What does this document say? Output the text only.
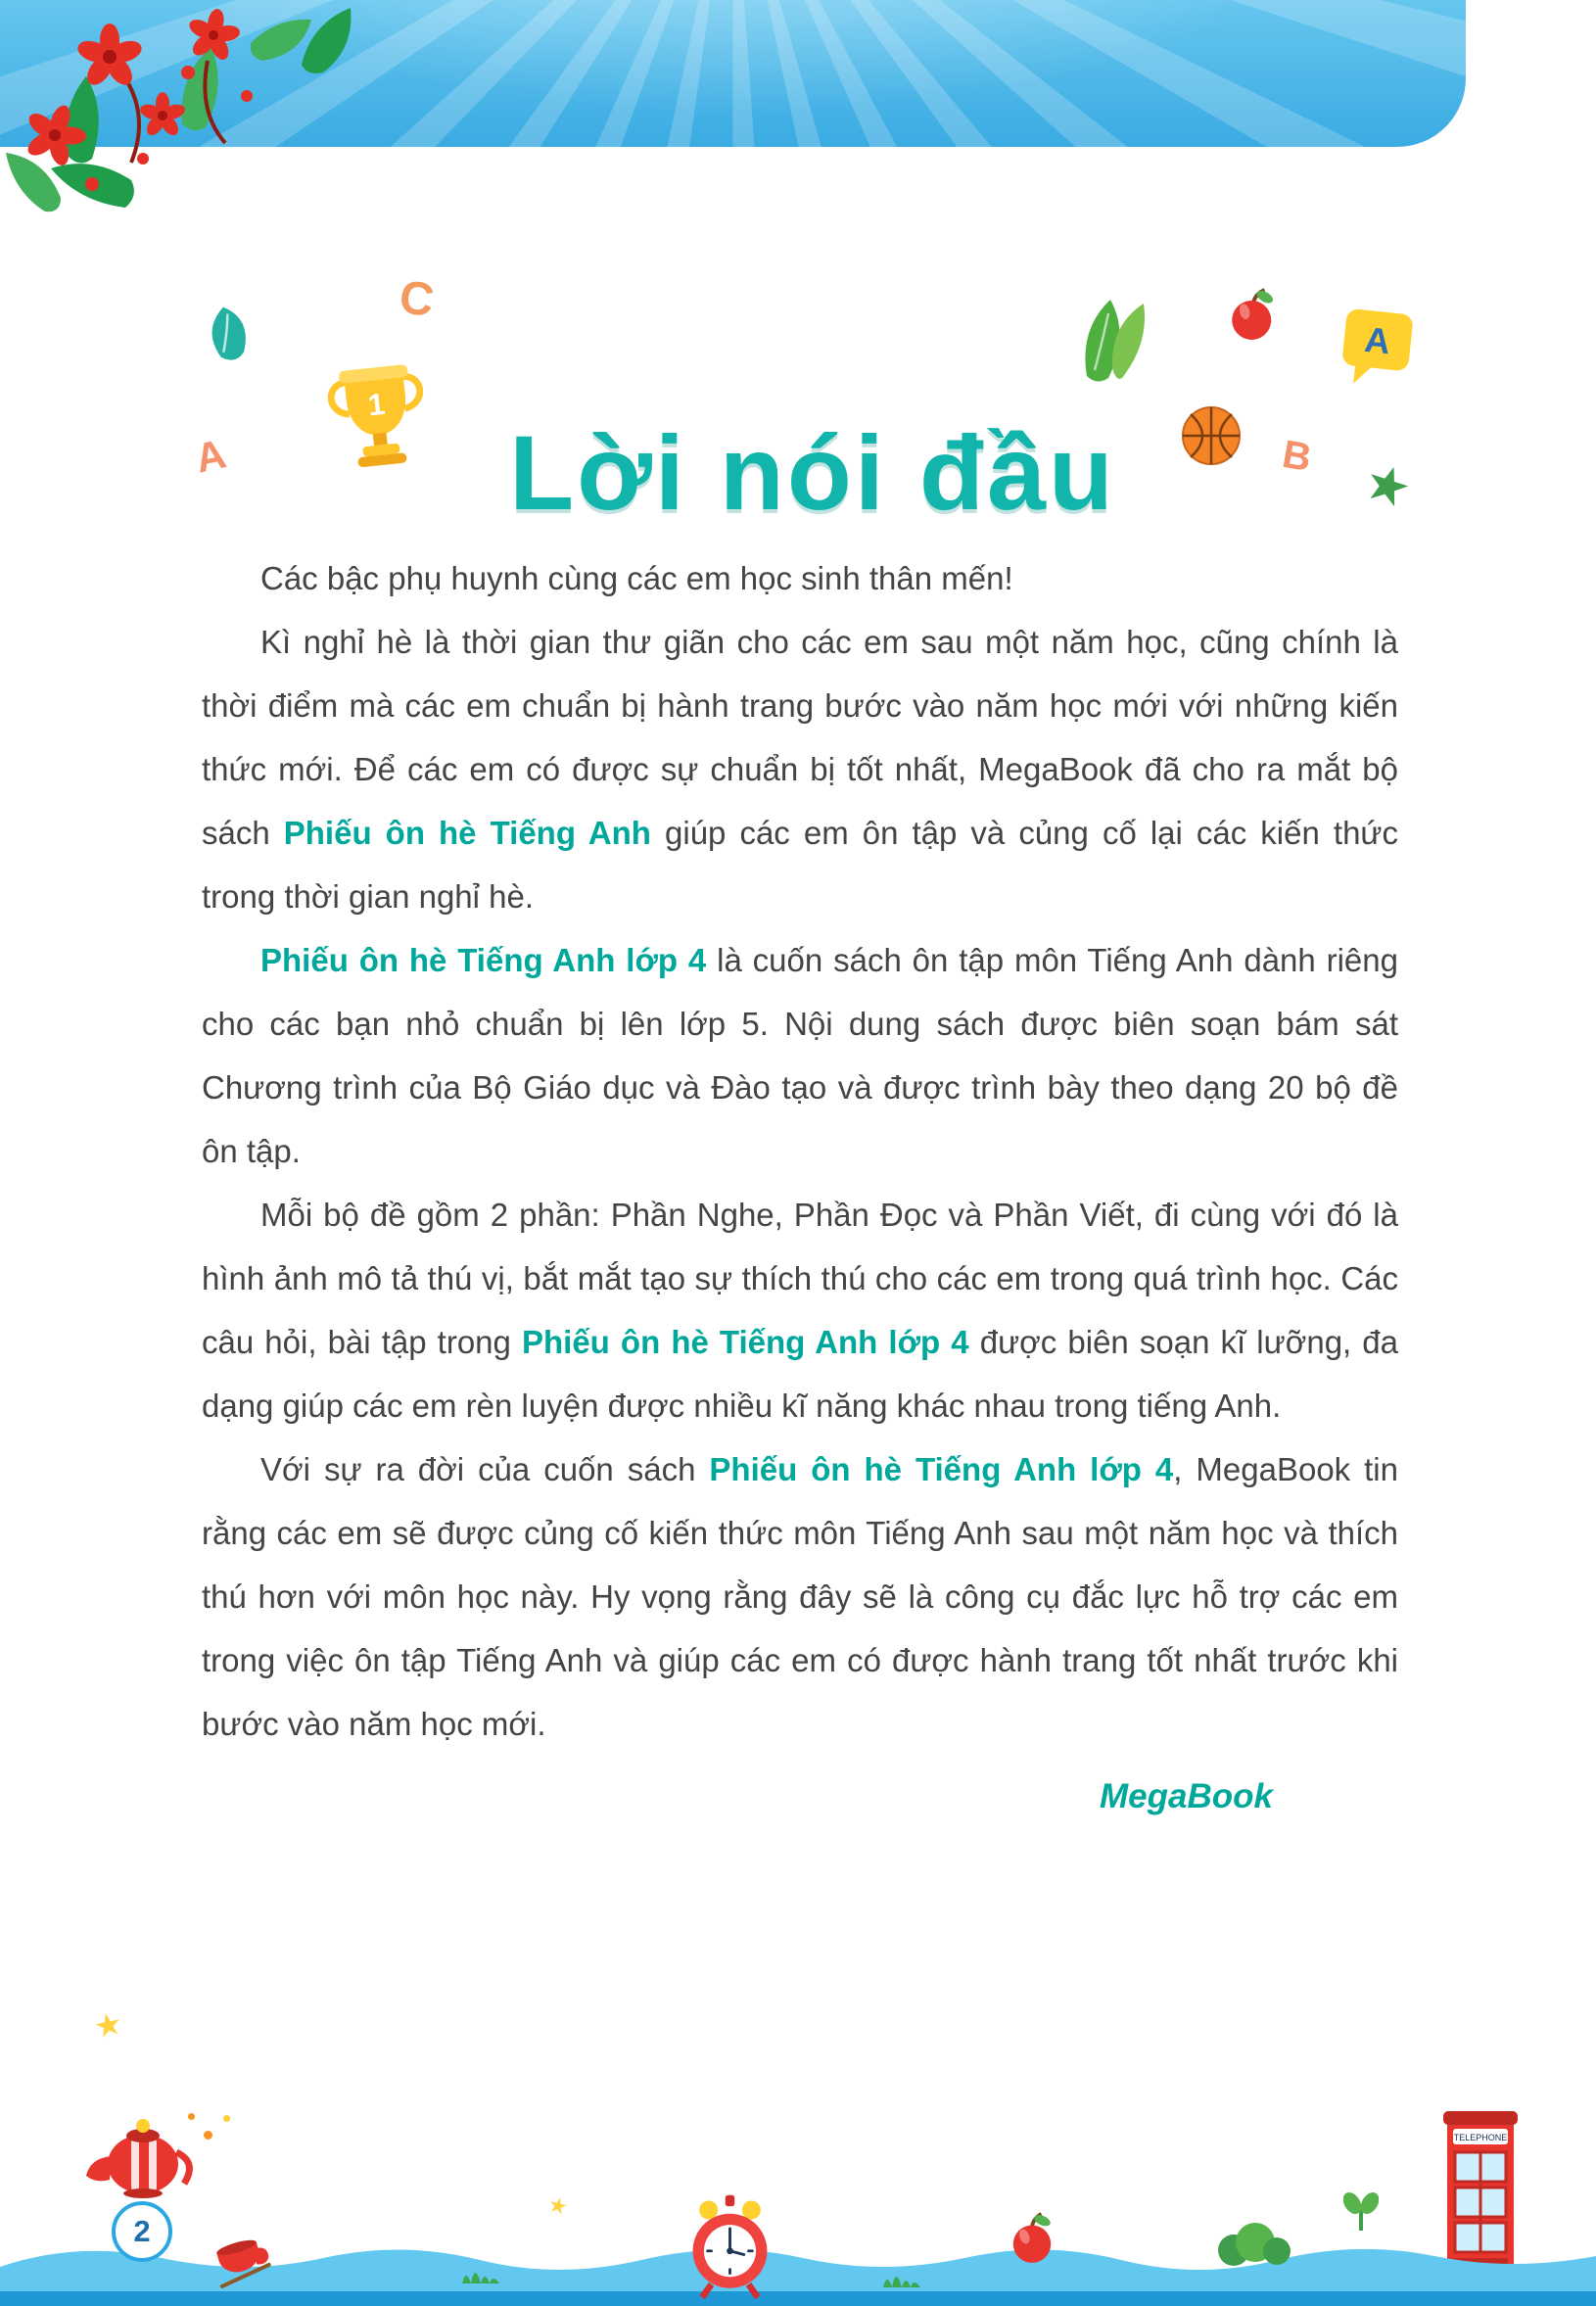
A
1
C
Lời nói đầu
A
B

Các bậc phụ huynh cùng các em học sinh thân mến!

Kì nghỉ hè là thời gian thư giãn cho các em sau một năm học, cũng chính là thời điểm mà các em chuẩn bị hành trang bước vào năm học mới với những kiến thức mới. Để các em có được sự chuẩn bị tốt nhất, MegaBook đã cho ra mắt bộ sách Phiếu ôn hè Tiếng Anh giúp các em ôn tập và củng cố lại các kiến thức trong thời gian nghỉ hè.

Phiếu ôn hè Tiếng Anh lớp 4 là cuốn sách ôn tập môn Tiếng Anh dành riêng cho các bạn nhỏ chuẩn bị lên lớp 5. Nội dung sách được biên soạn bám sát Chương trình của Bộ Giáo dục và Đào tạo và được trình bày theo dạng 20 bộ đề ôn tập.

Mỗi bộ đề gồm 2 phần: Phần Nghe, Phần Đọc và Phần Viết, đi cùng với đó là hình ảnh mô tả thú vị, bắt mắt tạo sự thích thú cho các em trong quá trình học. Các câu hỏi, bài tập trong Phiếu ôn hè Tiếng Anh lớp 4 được biên soạn kĩ lưỡng, đa dạng giúp các em rèn luyện được nhiều kĩ năng khác nhau trong tiếng Anh.

Với sự ra đời của cuốn sách Phiếu ôn hè Tiếng Anh lớp 4, MegaBook tin rằng các em sẽ được củng cố kiến thức môn Tiếng Anh sau một năm học và thích thú hơn với môn học này. Hy vọng rằng đây sẽ là công cụ đắc lực hỗ trợ các em trong việc ôn tập Tiếng Anh và giúp các em có được hành trang tốt nhất trước khi bước vào năm học mới.

MegaBook
★
★
2
TELEPHONE
